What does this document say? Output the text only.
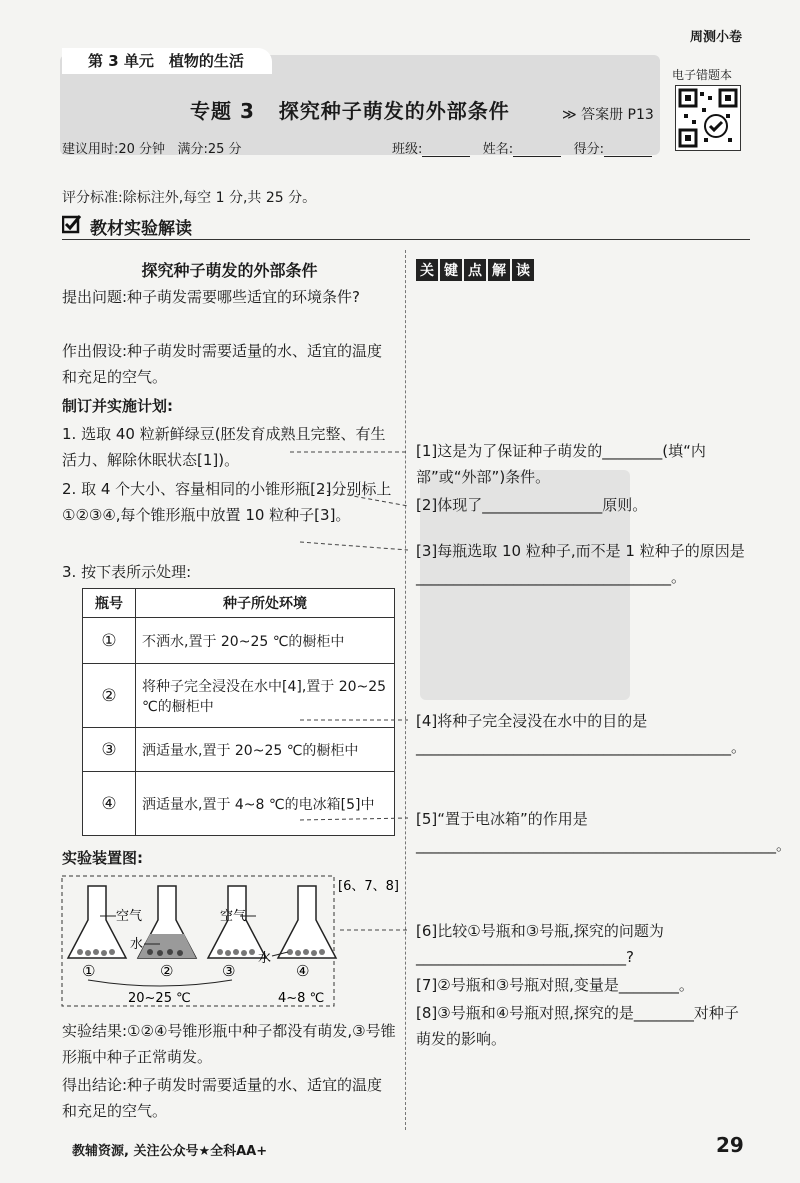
周测小卷
第 3 单元　植物的生活
专题 3 探究种子萌发的外部条件	≫ 答案册 P13
电子错题本
建议用时:20 分钟 满分:25 分	班级:	姓名:	得分:
评分标准:除标注外,每空 1 分,共 25 分。
教材实验解读
探究种子萌发的外部条件
提出问题:种子萌发需要哪些适宜的环境条件?
作出假设:种子萌发时需要适量的水、适宜的温度和充足的空气。
制订并实施计划:
1. 选取 40 粒新鲜绿豆(胚发育成熟且完整、有生活力、解除休眠状态[1])。
2. 取 4 个大小、容量相同的小锥形瓶[2]分别标上①②③④,每个锥形瓶中放置 10 粒种子[3]。
3. 按下表所示处理:
瓶号	种子所处环境
①	不洒水,置于 20~25 ℃的橱柜中
②	将种子完全浸没在水中[4],置于 20~25 ℃的橱柜中
③	洒适量水,置于 20~25 ℃的橱柜中
④	洒适量水,置于 4~8 ℃的电冰箱[5]中
实验装置图:
空气
水
空气
水
①	②	③	④
20~25 ℃	4~8 ℃
[6、7、8]
实验结果:①②④号锥形瓶中种子都没有萌发,③号锥形瓶中种子正常萌发。
得出结论:种子萌发时需要适量的水、适宜的温度和充足的空气。
关 键 点 解 读
[1]这是为了保证种子萌发的________(填“内部”或“外部”)条件。
[2]体现了________________原则。
[3]每瓶选取 10 粒种子,而不是 1 粒种子的原因是__________________________________。
[4]将种子完全浸没在水中的目的是__________________________________________。
[5]“置于电冰箱”的作用是________________________________________________。
[6]比较①号瓶和③号瓶,探究的问题为____________________________?
[7]②号瓶和③号瓶对照,变量是________。
[8]③号瓶和④号瓶对照,探究的是________对种子萌发的影响。
教辅资源, 关注公众号★全科AA+	29
